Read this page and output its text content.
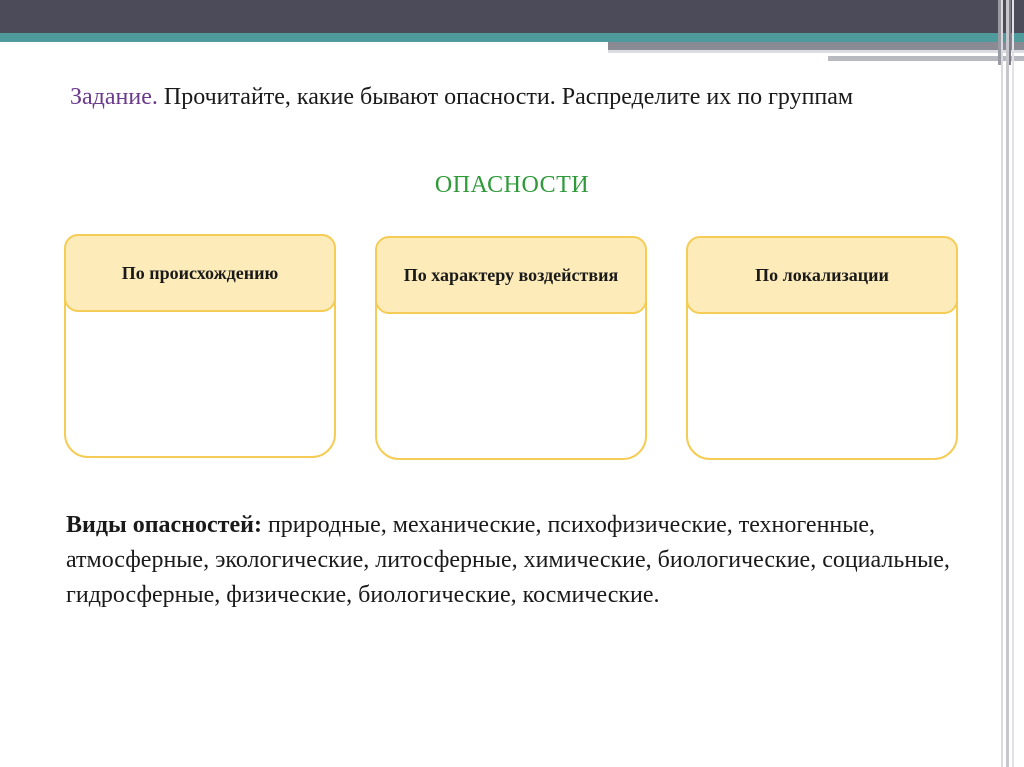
Задание. Прочитайте, какие бывают опасности. Распределите их по группам
ОПАСНОСТИ
По происхождению	По характеру воздействия	По локализации
Виды опасностей: природные, механические, психофизические, техногенные, атмосферные, экологические, литосферные, химические, биологические, социальные, гидросферные, физические, биологические, космические.
